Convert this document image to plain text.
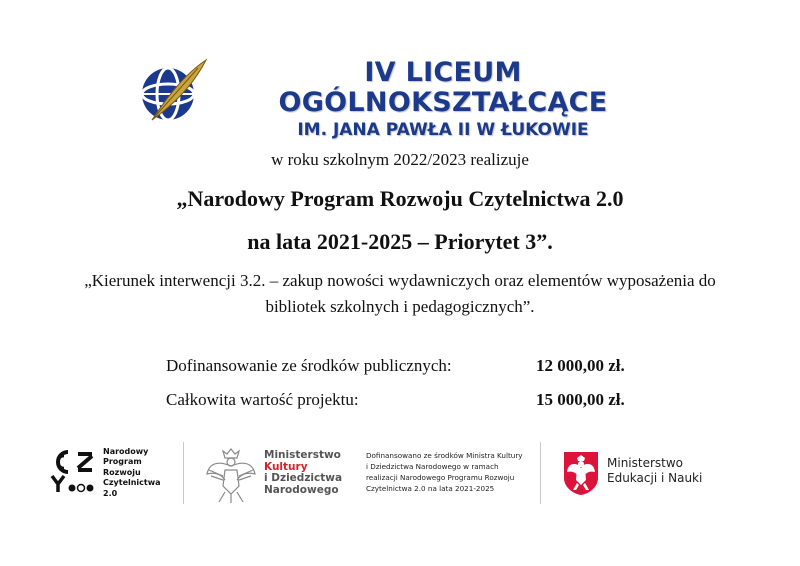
IV LICEUM OGÓLNOKSZTAŁCĄCE
IM. JANA PAWŁA II W ŁUKOWIE
w roku szkolnym 2022/2023 realizuje
„Narodowy Program Rozwoju Czytelnictwa 2.0
na lata 2021-2025 – Priorytet 3”.
„Kierunek interwencji 3.2. – zakup nowości wydawniczych oraz elementów wyposażenia do
bibliotek szkolnych i pedagogicznych”.
Dofinansowanie ze środków publicznych:	12 000,00 zł.
Całkowita wartość projektu:	15 000,00 zł.
Narodowy
Program
Rozwoju
Czytelnictwa
2.0
Ministerstwo
Kultury
i Dziedzictwa
Narodowego
Dofinansowano ze środków Ministra Kultury
i Dziedzictwa Narodowego w ramach
realizacji Narodowego Programu Rozwoju
Czytelnictwa 2.0 na lata 2021-2025
Ministerstwo
Edukacji i Nauki
